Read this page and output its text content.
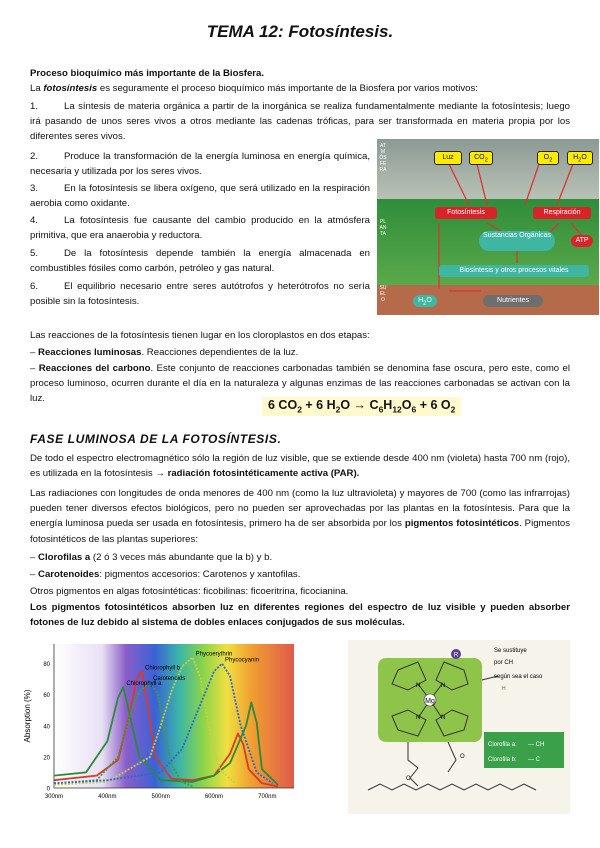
TEMA 12: Fotosíntesis.
Proceso bioquímico más importante de la Biosfera.
La fotosíntesis es seguramente el proceso bioquímico más importante de la Biosfera por varios motivos:
1.	La síntesis de materia orgánica a partir de la inorgánica se realiza fundamentalmente mediante la fotosíntesis; luego irá pasando de unos seres vivos a otros mediante las cadenas tróficas, para ser transformada en materia propia por los diferentes seres vivos.
2.	Produce la transformación de la energía luminosa en energía química, necesaria y utilizada por los seres vivos.
3.	En la fotosíntesis se libera oxígeno, que será utilizado en la respiración aerobia como oxidante.
4.	La fotosíntesis fue causante del cambio producido en la atmósfera primitiva, que era anaerobia y reductora.
5.	De la fotosíntesis depende también la energía almacenada en combustibles fósiles como carbón, petróleo y gas natural.
6.	El equilibrio necesario entre seres autótrofos y heterótrofos no sería posible sin la fotosíntesis.
ATMÓSFERA
PLANTA
SUELO
Luz	$CO_2$	$O_2$	$H_2O$
Fotosíntesis	Respiración
Sustancias Orgánicas
ATP
Biosíntesis y otros procesos vitales
$H_2O$	Nutrientes
Las reacciones de la fotosíntesis tienen lugar en los cloroplastos en dos etapas:
– Reacciones luminosas. Reacciones dependientes de la luz.
– Reacciones del carbono. Este conjunto de reacciones carbonadas también se denomina fase oscura, pero este, como el proceso luminoso, ocurren durante el día en la naturaleza y algunas enzimas de las reacciones carbonadas se activan con la luz.	6 $CO_2 + 6$ $H_2O \to C_6H_{12}O_6 + 6$ $O_2$
FASE LUMINOSA DE LA FOTOSÍNTESIS.
De todo el espectro electromagnético sólo la región de luz visible, que se extiende desde 400 nm (violeta) hasta 700 nm (rojo), es utilizada en la fotosíntesis → radiación fotosintéticamente activa (PAR).
Las radiaciones con longitudes de onda menores de 400 nm (como la luz ultravioleta) y mayores de 700 (como las infrarrojas) pueden tener diversos efectos biológicos, pero no pueden ser aprovechadas por las plantas en la fotosíntesis. Para que la energía luminosa pueda ser usada en fotosíntesis, primero ha de ser absorbida por los pigmentos fotosintéticos. Pigmentos fotosintéticos de las plantas superiores:
– Clorofilas a (2 ó 3 veces más abundante que la b) y b.
– Carotenoides: pigmentos accesorios: Carotenos y xantofilas.
Otros pigmentos en algas fotosintéticas: ficobilinas: ficoeritrina, ficocianina.
Los pigmentos fotosintéticos absorben luz en diferentes regiones del espectro de luz visible y pueden absorber fotones de luz debido al sistema de dobles enlaces conjugados de sus moléculas.
0
20
40
60
80
300nm	400nm	500nm	600nm	700nm
Chlorophyll b
Chlorophyll a
Carotenoids
Phycoerythrin
Phycocyanin
Absorption (%)	Mg
N	N
N	N
O
O
R
Se sustituye
por CH
según sea el caso
Clorofila a: — CH
Clorofila b: — C
H
